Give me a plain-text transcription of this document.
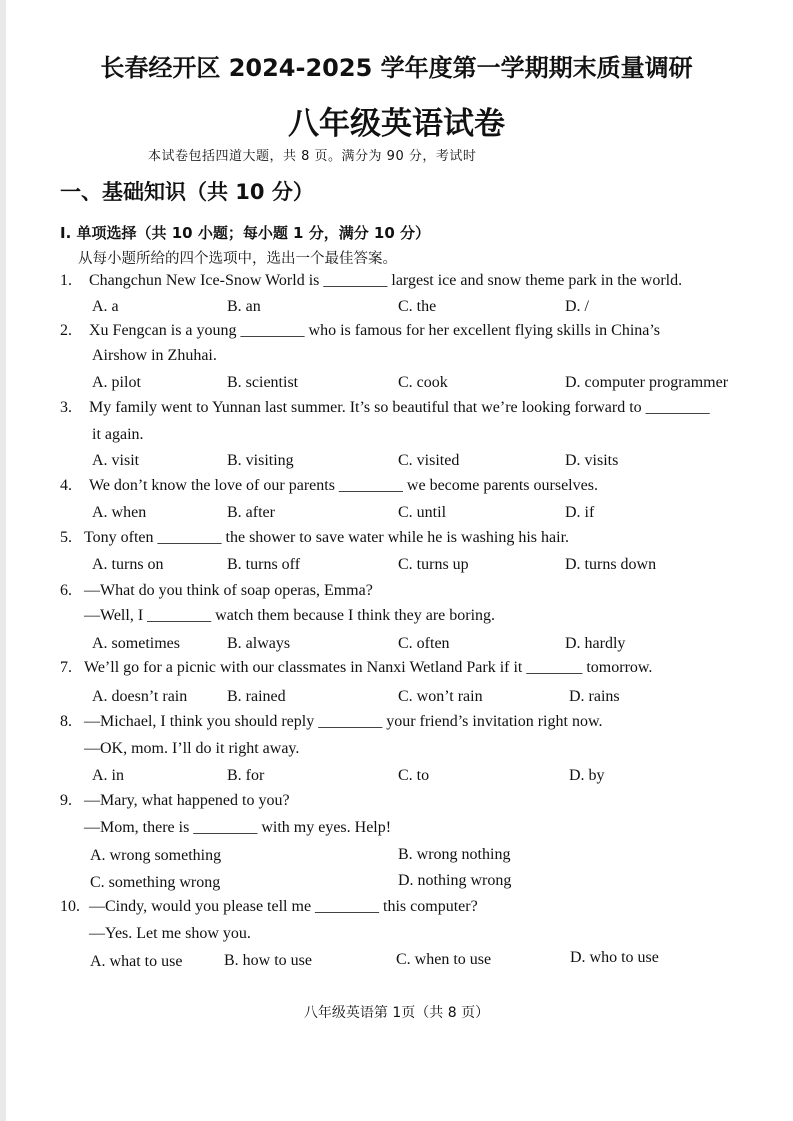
长春经开区 2024-2025 学年度第一学期期末质量调研
八年级英语试卷
本试卷包括四道大题，共 8 页。满分为 90 分，考试时
一、基础知识（共 10 分）
I. 单项选择（共 10 小题；每小题 1 分，满分 10 分）
从每小题所给的四个选项中，选出一个最佳答案。
1. Changchun New Ice-Snow World is ________ largest ice and snow theme park in the world.
A. a	B. an	C. the	D. /
2. Xu Fengcan is a young ________ who is famous for her excellent flying skills in China’s
Airshow in Zhuhai.
A. pilot	B. scientist	C. cook	D. computer programmer
3. My family went to Yunnan last summer. It’s so beautiful that we’re looking forward to ________
it again.
A. visit	B. visiting	C. visited	D. visits
4. We don’t know the love of our parents ________ we become parents ourselves.
A. when	B. after	C. until	D. if
5. Tony often ________ the shower to save water while he is washing his hair.
A. turns on	B. turns off	C. turns up	D. turns down
6. —What do you think of soap operas, Emma?
—Well, I ________ watch them because I think they are boring.
A. sometimes	B. always	C. often	D. hardly
7. We’ll go for a picnic with our classmates in Nanxi Wetland Park if it _______ tomorrow.
A. doesn’t rain B. rained	C. won’t rain	D. rains
8. —Michael, I think you should reply ________ your friend’s invitation right now.
—OK, mom. I’ll do it right away.
A. in	B. for	C. to	D. by
9. —Mary, what happened to you?
—Mom, there is ________ with my eyes. Help!
A. wrong something	B. wrong nothing
C. something wrong	D. nothing wrong
10. —Cindy, would you please tell me ________ this computer?
—Yes. Let me show you.
A. what to use	B. how to use	C. when to use	D. who to use
八年级英语第 1页（共 8 页）
